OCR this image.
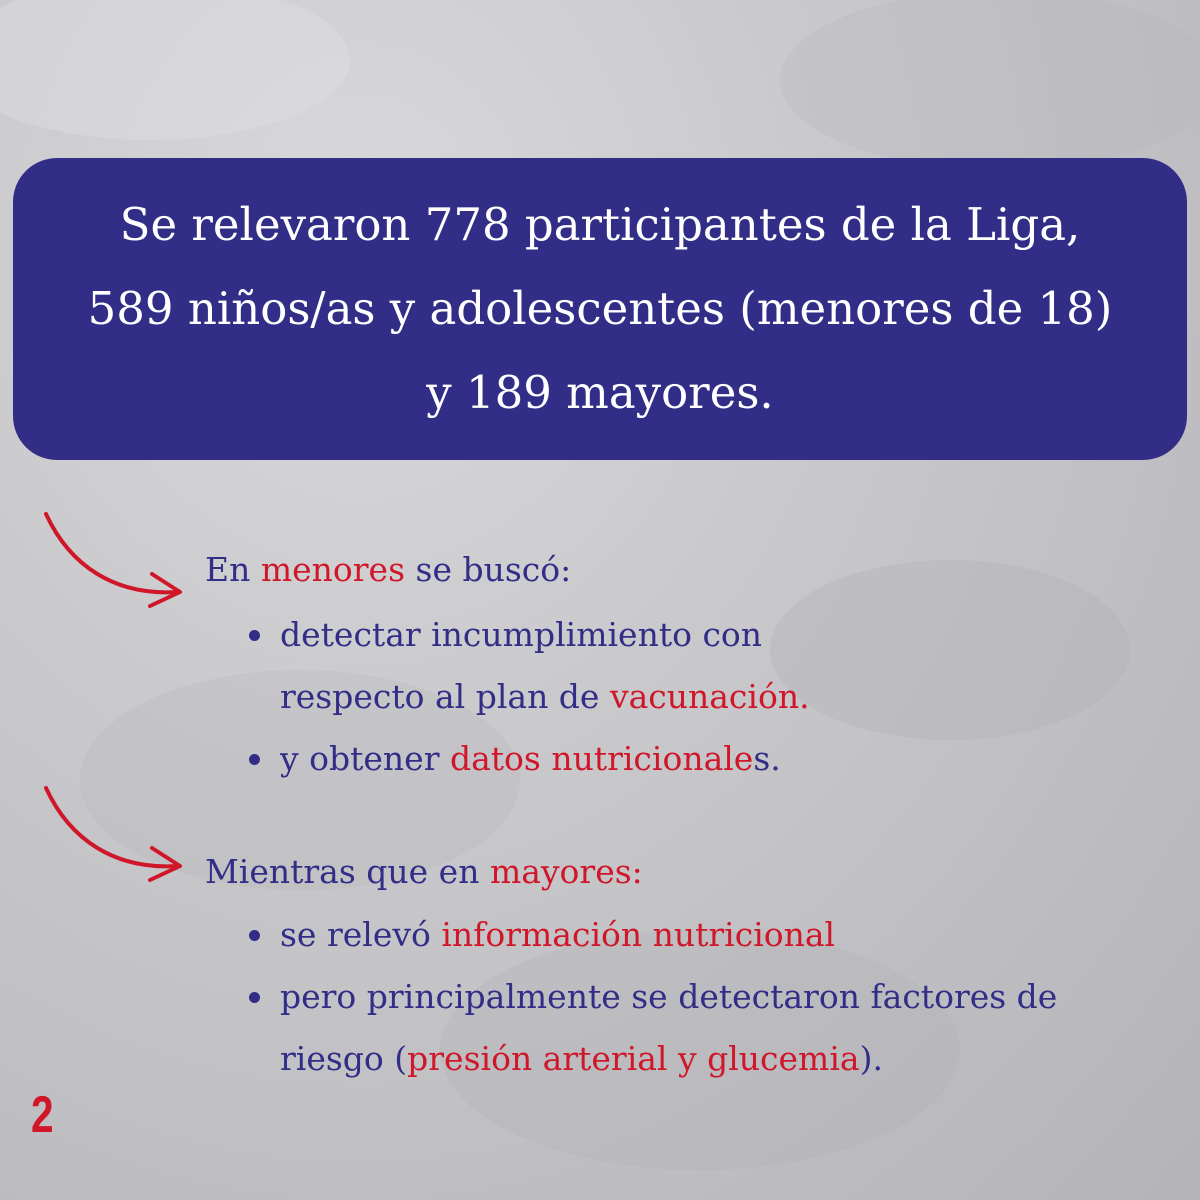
Se relevaron 778 participantes de la Liga,
589 niños/as y adolescentes (menores de 18)
y 189 mayores.
En menores se buscó:
detectar incumplimiento con
respecto al plan de vacunación.
y obtener datos nutricionales.
Mientras que en mayores:
se relevó información nutricional
pero principalmente se detectaron factores de
riesgo (presión arterial y glucemia).
2
